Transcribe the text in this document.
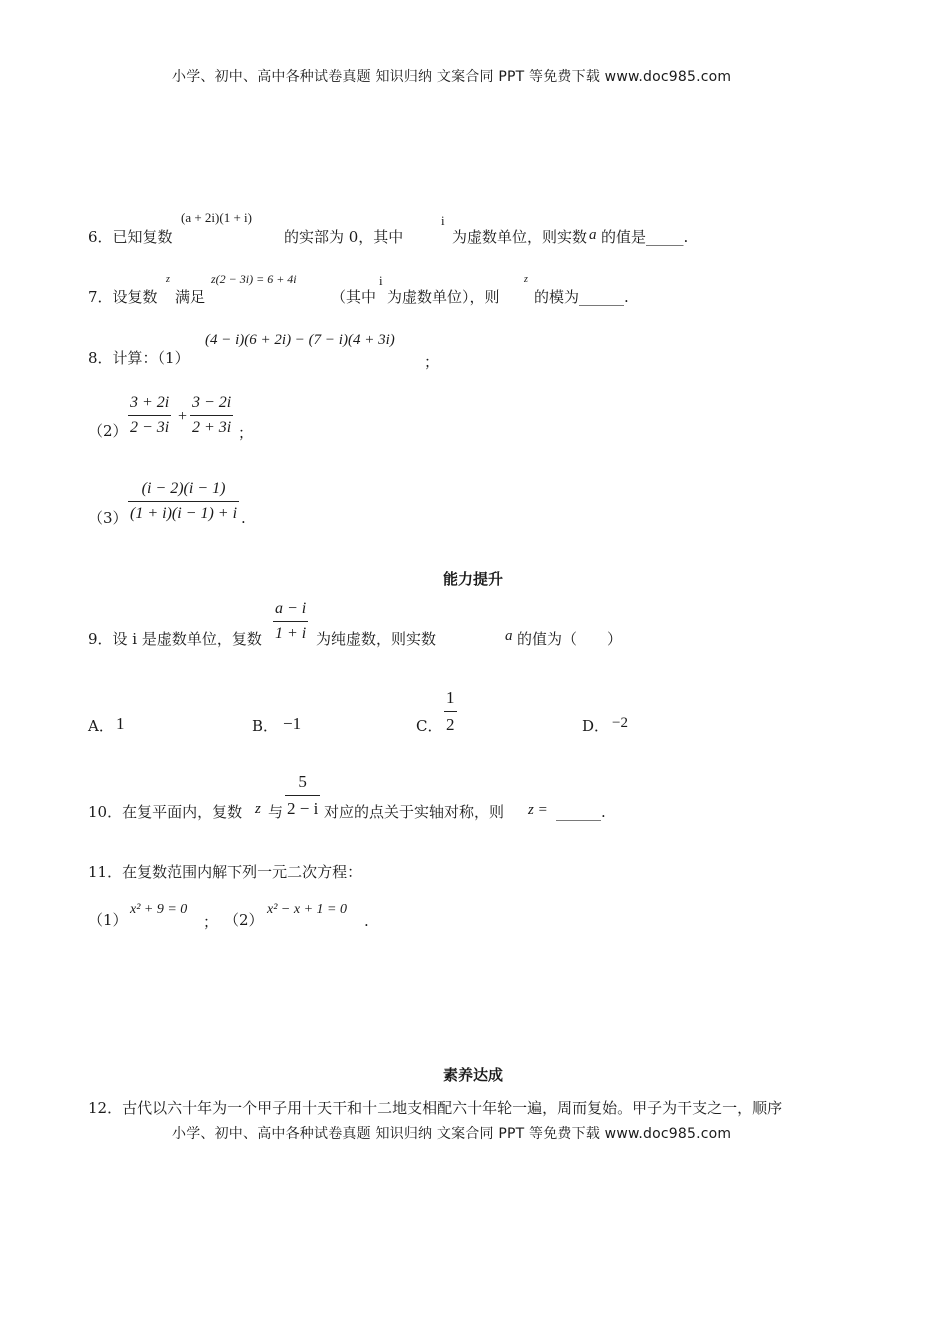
小学、初中、高中各种试卷真题 知识归纳 文案合同 PPT 等免费下载 www.doc985.com
6．已知复数
(a + 2i)(1 + i)
的实部为 0，其中
i
为虚数单位，则实数 a 的值是_____.
7．设复数
z
满足
z(2 − 3i) = 6 + 4i
（其中
i
为虚数单位），则
z
的模为______.
8．计算：（1）
(4 − i)(6 + 2i) − (7 − i)(4 + 3i)
；
$(2) \frac{3 + 2i}{2 - 3i} + \frac{3 - 2i}{2 + 3i}$ ；
$(3) \frac{(i - 2)(i - 1)}{(1 + i)(i - 1) + i}$ .
能力提升
9．设 i 是虚数单位，复数 $\frac{a - i}{1 + i}$ 为纯虚数，则实数	a 的值为（　　）
A． 1	B． −1	C． $\frac{1}{2}$	D． −2
10．在复平面内，复数 z 与 $\frac{5}{2 - i}$ 对应的点关于实轴对称，则 z = ______.
11．在复数范围内解下列一元二次方程：
（1）
x² + 9 = 0
； （2）
x² − x + 1 = 0
.
素养达成
12．古代以六十年为一个甲子用十天干和十二地支相配六十年轮一遍，周而复始。甲子为干支之一，顺序
小学、初中、高中各种试卷真题 知识归纳 文案合同 PPT 等免费下载 www.doc985.com
